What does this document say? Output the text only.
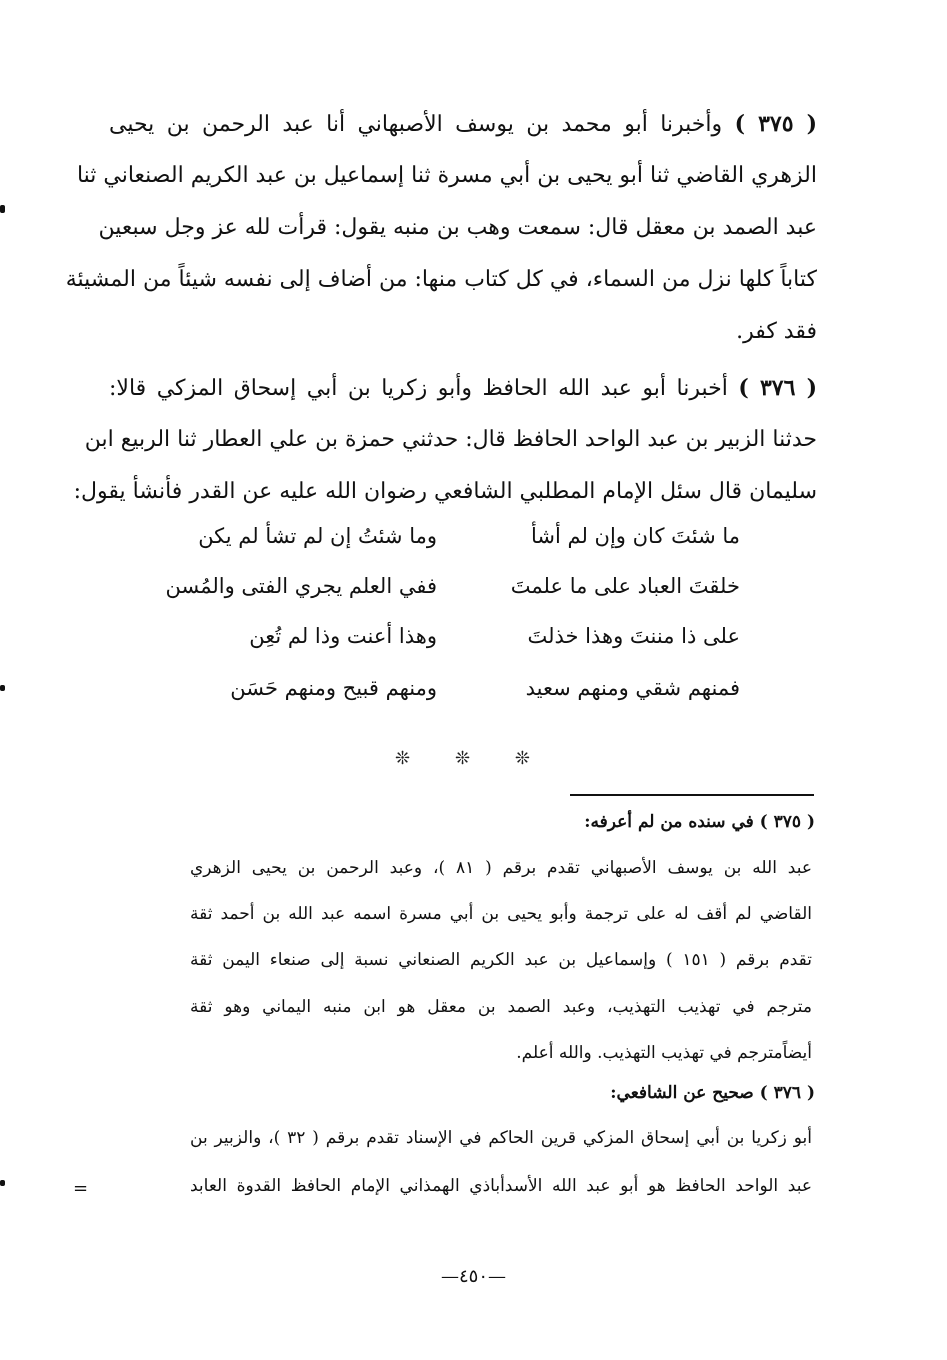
( ٣٧٥ ) وأخبرنا أبو محمد بن يوسف الأصبهاني أنا عبد الرحمن بن يحيى
الزهري القاضي ثنا أبو يحيى بن أبي مسرة ثنا إسماعيل بن عبد الكريم الصنعاني ثنا
عبد الصمد بن معقل قال: سمعت وهب بن منبه يقول: قرأت لله عز وجل سبعين
كتاباً كلها نزل من السماء، في كل كتاب منها: من أضاف إلى نفسه شيئاً من المشيئة
فقد كفر.
( ٣٧٦ ) أخبرنا أبو عبد الله الحافظ وأبو زكريا بن أبي إسحاق المزكي قالا:
حدثنا الزبير بن عبد الواحد الحافظ قال: حدثني حمزة بن علي العطار ثنا الربيع ابن
سليمان قال سئل الإمام المطلبي الشافعي رضوان الله عليه عن القدر فأنشأ يقول:
ما شئتَ كان وإن لم أشأ
وما شئتُ إن لم تشأ لم يكن
خلقتَ العباد على ما علمتَ
ففي العلم يجري الفتى والمُسن
على ذا مننتَ وهذا خذلتَ
وهذا أعنت وذا لم تُعِن
فمنهم شقي ومنهم سعيد
ومنهم قبيح ومنهم حَسَن
❊ ❊ ❊
( ٣٧٥ ) في سنده من لم أعرفه:
عبد الله بن يوسف الأصبهاني تقدم برقم ( ٨١ )، وعبد الرحمن بن يحيى الزهري
القاضي لم أقف له على ترجمة وأبو يحيى بن أبي مسرة اسمه عبد الله بن أحمد ثقة
تقدم برقم ( ١٥١ ) وإسماعيل بن عبد الكريم الصنعاني نسبة إلى صنعاء اليمن ثقة
مترجم في تهذيب التهذيب، وعبد الصمد بن معقل هو ابن منبه اليماني وهو ثقة
أيضاًمترجم في تهذيب التهذيب. والله أعلم.
( ٣٧٦ ) صحيح عن الشافعي:
أبو زكريا بن أبي إسحاق المزكي قرين الحاكم في الإسناد تقدم برقم ( ٣٢ )، والزبير بن
عبد الواحد الحافظ هو أبو عبد الله الأسدأباذي الهمذاني الإمام الحافظ القدوة العابد
=
—٤٥٠—
